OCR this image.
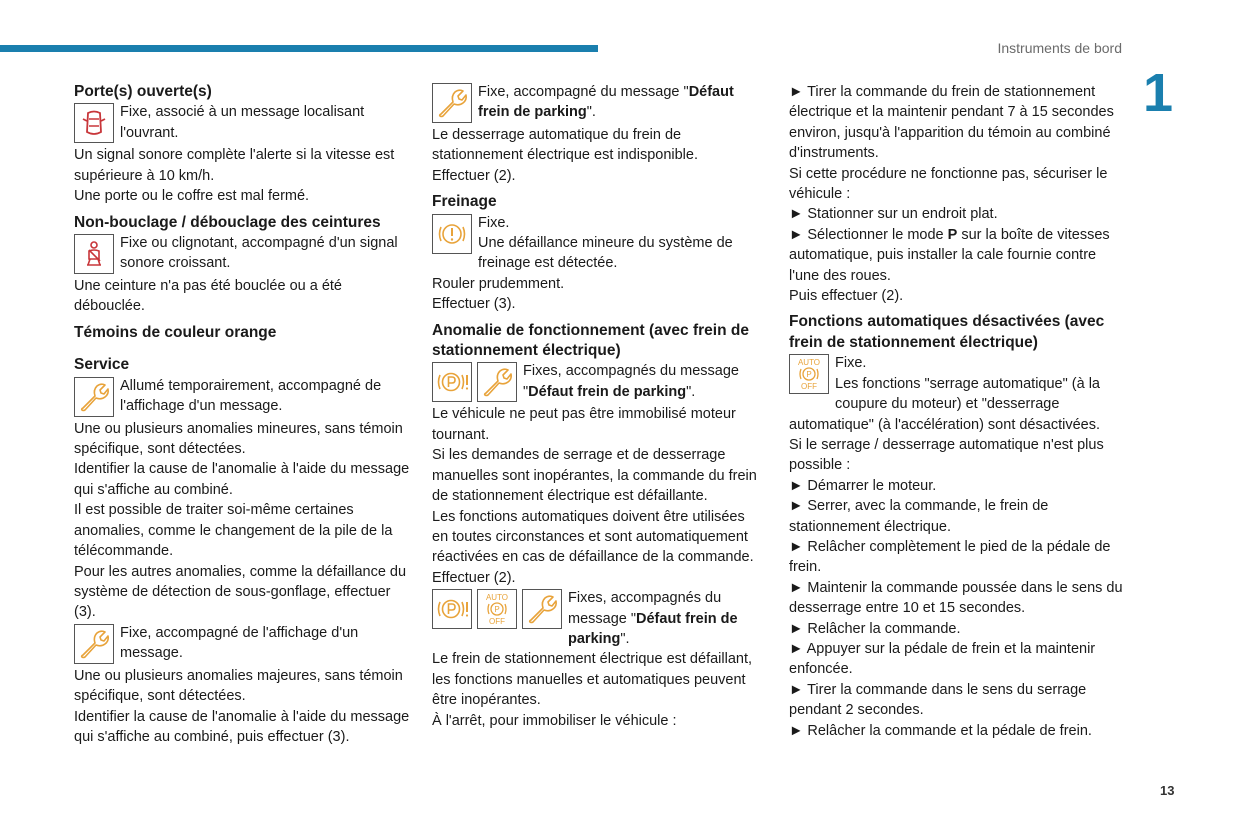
Instruments de bord
1
13
Porte(s) ouverte(s)

Fixe, associé à un message localisant l'ouvrant.

Un signal sonore complète l'alerte si la vitesse est supérieure à 10 km/h.

Une porte ou le coffre est mal fermé.

Non-bouclage / débouclage des ceintures

Fixe ou clignotant, accompagné d'un signal sonore croissant.

Une ceinture n'a pas été bouclée ou a été débouclée.

Témoins de couleur orange
Service

Allumé temporairement, accompagné de l'affichage d'un message.

Une ou plusieurs anomalies mineures, sans témoin spécifique, sont détectées.

Identifier la cause de l'anomalie à l'aide du message qui s'affiche au combiné.

Il est possible de traiter soi-même certaines anomalies, comme le changement de la pile de la télécommande.

Pour les autres anomalies, comme la défaillance du système de détection de sous-gonflage, effectuer (3).

Fixe, accompagné de l'affichage d'un message.

Une ou plusieurs anomalies majeures, sans témoin spécifique, sont détectées.

Identifier la cause de l'anomalie à l'aide du message qui s'affiche au combiné, puis effectuer (3).

Fixe, accompagné du message "Défaut frein de parking".

Le desserrage automatique du frein de stationnement électrique est indisponible.

Effectuer (2).

Freinage

Fixe.

Une défaillance mineure du système de freinage est détectée.

Rouler prudemment.

Effectuer (3).

Anomalie de fonctionnement (avec frein de stationnement électrique)

Fixes, accompagnés du message "Défaut frein de parking".

Le véhicule ne peut pas être immobilisé moteur tournant.

Si les demandes de serrage et de desserrage manuelles sont inopérantes, la commande du frein de stationnement électrique est défaillante.

Les fonctions automatiques doivent être utilisées en toutes circonstances et sont automatiquement réactivées en cas de défaillance de la commande.

Effectuer (2).

AUTO
P
OFF

Fixes, accompagnés du message "Défaut frein de parking".

Le frein de stationnement électrique est défaillant, les fonctions manuelles et automatiques peuvent être inopérantes.

À l'arrêt, pour immobiliser le véhicule :

► Tirer la commande du frein de stationnement électrique et la maintenir pendant 7 à 15 secondes environ, jusqu'à l'apparition du témoin au combiné d'instruments.

Si cette procédure ne fonctionne pas, sécuriser le véhicule :

► Stationner sur un endroit plat.

► Sélectionner le mode P sur la boîte de vitesses automatique, puis installer la cale fournie contre l'une des roues.

Puis effectuer (2).

Fonctions automatiques désactivées (avec frein de stationnement électrique)
AUTO
P
OFF

Fixe.

Les fonctions "serrage automatique" (à la coupure du moteur) et "desserrage automatique" (à l'accélération) sont désactivées.

Si le serrage / desserrage automatique n'est plus possible :

► Démarrer le moteur.

► Serrer, avec la commande, le frein de stationnement électrique.

► Relâcher complètement le pied de la pédale de frein.

► Maintenir la commande poussée dans le sens du desserrage entre 10 et 15 secondes.

► Relâcher la commande.

► Appuyer sur la pédale de frein et la maintenir enfoncée.

► Tirer la commande dans le sens du serrage pendant 2 secondes.

► Relâcher la commande et la pédale de frein.
